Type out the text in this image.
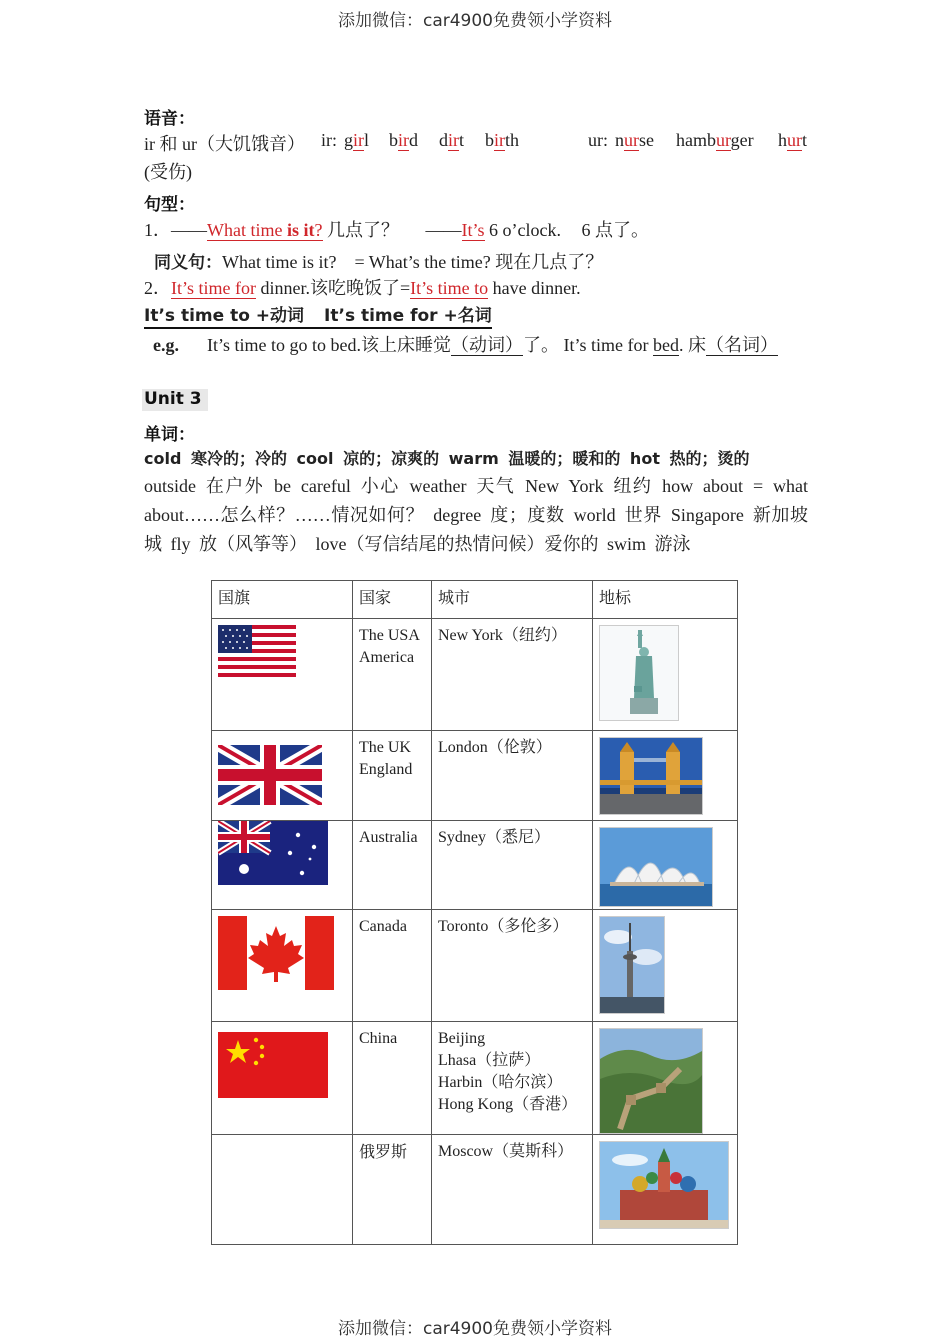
添加微信：car4900免费领小学资料
添加微信：car4900免费领小学资料
语音：
ir 和 ur（大饥饿音） ir: girl bird dirt birth	ur: nurse hamburger hurt
(受伤)
句型：
1．——What time is it? 几点了？ ——It’s 6 o’clock. 6 点了。
同义句：What time is it?　= What’s the time? 现在几点了？
2．It’s time for dinner.该吃晚饭了=It’s time to have dinner.
It’s time to +动词 It’s time for +名词
e.g. It’s time to go to bed.该上床睡觉（动词）了。 It’s time for bed. 床（名词）
Unit 3
单词：
cold 寒冷的；冷的 cool 凉的；凉爽的 warm 温暖的；暖和的 hot 热的；烫的
outside 在户外 be careful 小心 weather 天气 New York 纽约 how about = what about……怎么样？……情况如何？ degree 度；度数 world 世界 Singapore 新加坡城 fly 放（风筝等） love（写信结尾的热情问候）爱你的 swim 游泳
国旗	国家	城市	地标

The USA
America	New York（纽约）

The UK
England	London（伦敦）

Australia	Sydney（悉尼）

Canada	Toronto（多伦多）

China	Beijing
Lhasa（拉萨）
Harbin（哈尔滨）
Hong Kong（香港）

	俄罗斯	Moscow（莫斯科）
